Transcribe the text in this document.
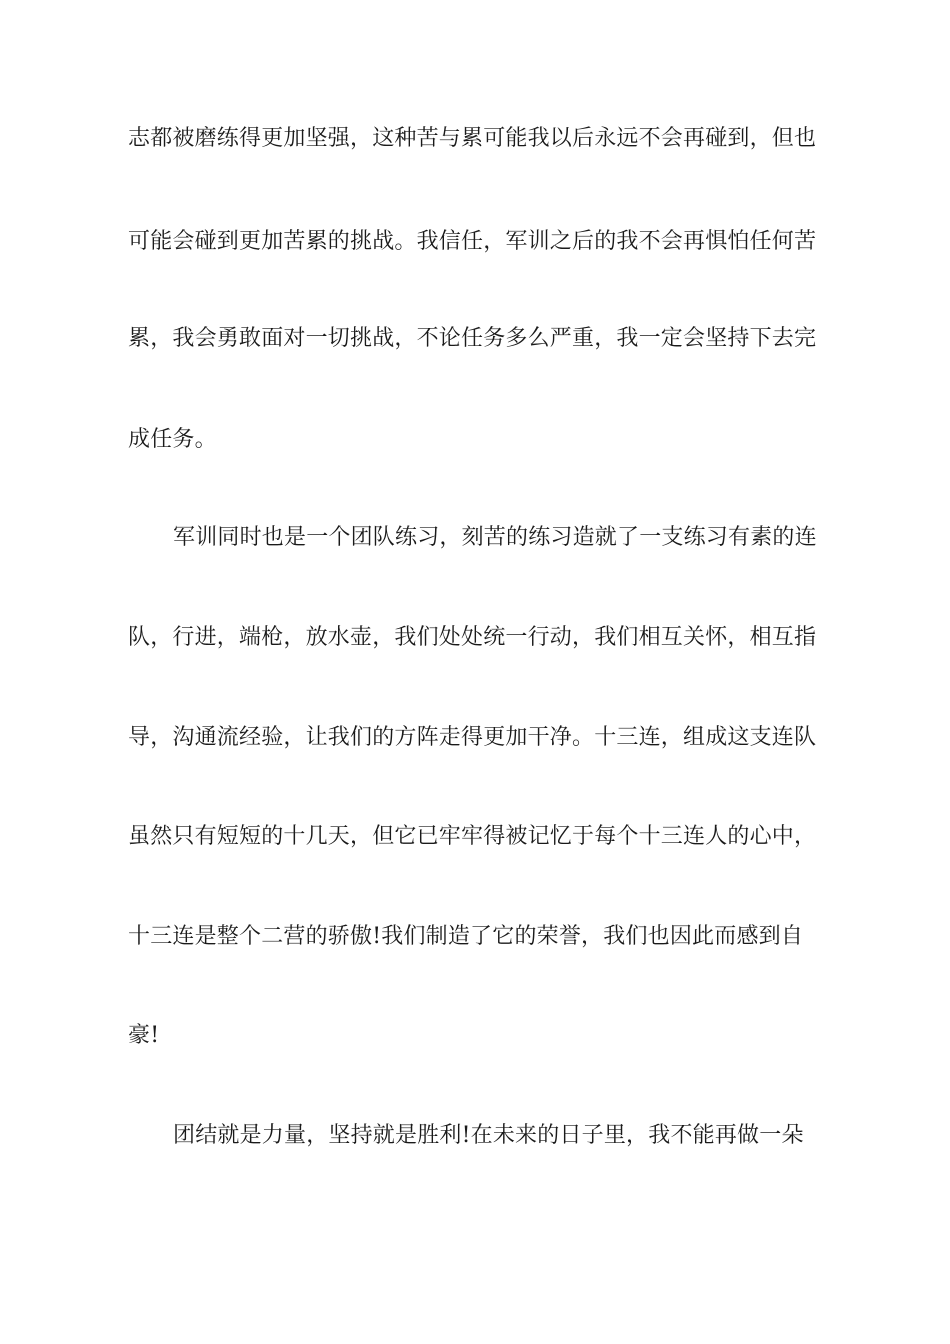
志都被磨练得更加坚强，这种苦与累可能我以后永远不会再碰到，但也
可能会碰到更加苦累的挑战。我信任，军训之后的我不会再惧怕任何苦
累，我会勇敢面对一切挑战，不论任务多么严重，我一定会坚持下去完
成任务。
军训同时也是一个团队练习，刻苦的练习造就了一支练习有素的连
队，行进，端枪，放水壶，我们处处统一行动，我们相互关怀，相互指
导，沟通流经验，让我们的方阵走得更加干净。十三连，组成这支连队
虽然只有短短的十几天，但它已牢牢得被记忆于每个十三连人的心中，
十三连是整个二营的骄傲!我们制造了它的荣誉，我们也因此而感到自
豪!
团结就是力量，坚持就是胜利!在未来的日子里，我不能再做一朵
